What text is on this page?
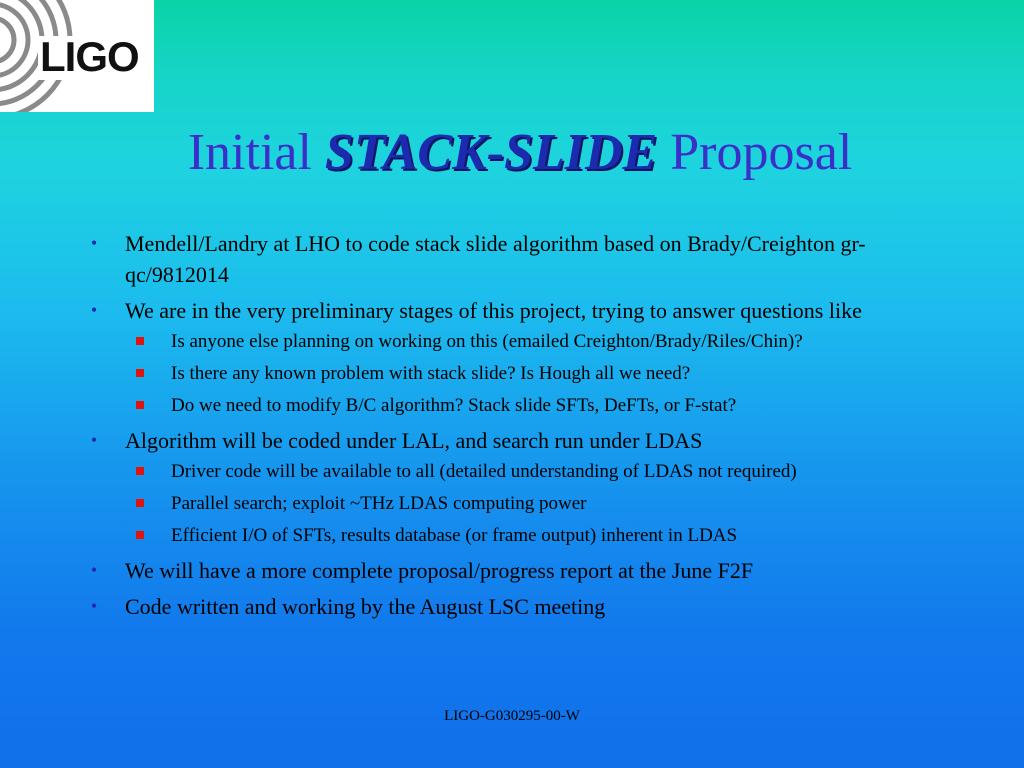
LIGO
Initial STACK-SLIDE Proposal
•	Mendell/Landry at LHO to code stack slide algorithm based on Brady/Creighton gr-qc/9812014
•	We are in the very preliminary stages of this project, trying to answer questions like
Is anyone else planning on working on this (emailed Creighton/Brady/Riles/Chin)?
Is there any known problem with stack slide? Is Hough all we need?
Do we need to modify B/C algorithm? Stack slide SFTs, DeFTs, or F-stat?
•	Algorithm will be coded under LAL, and search run under LDAS
Driver code will be available to all (detailed understanding of LDAS not required)
Parallel search; exploit ~THz LDAS computing power
Efficient I/O of SFTs, results database (or frame output) inherent in LDAS
•	We will have a more complete proposal/progress report at the June F2F
•	Code written and working by the August LSC meeting
LIGO-G030295-00-W
